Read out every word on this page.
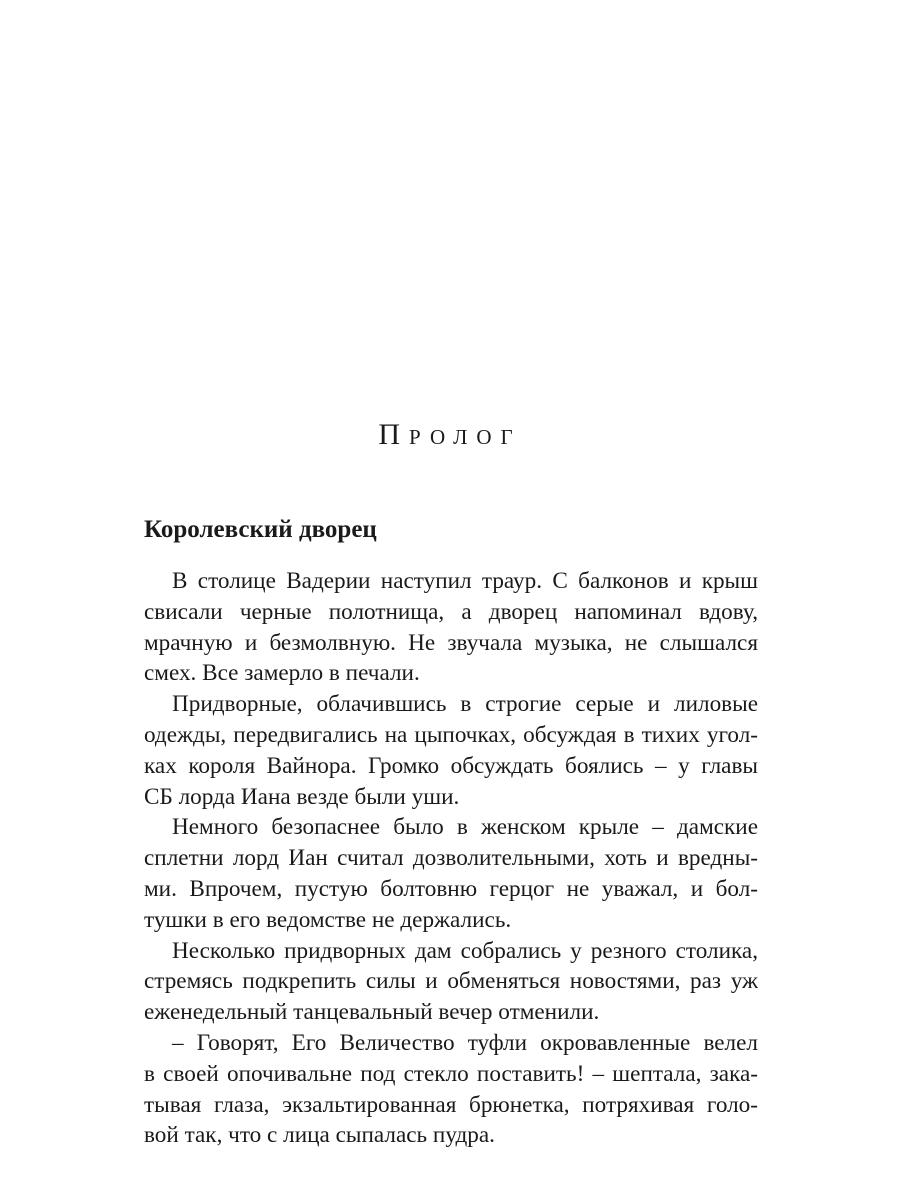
Пролог
Королевский дворец
В столице Вадерии наступил траур. С балконов и крыш
свисали черные полотнища, а дворец напоминал вдову,
мрачную и безмолвную. Не звучала музыка, не слышался
смех. Все замерло в печали.
Придворные, облачившись в строгие серые и лиловые
одежды, передвигались на цыпочках, обсуждая в тихих угол-
ках короля Вайнора. Громко обсуждать боялись – у главы
СБ лорда Иана везде были уши.
Немного безопаснее было в женском крыле – дамские
сплетни лорд Иан считал дозволительными, хоть и вредны-
ми. Впрочем, пустую болтовню герцог не уважал, и бол-
тушки в его ведомстве не держались.
Несколько придворных дам собрались у резного столика,
стремясь подкрепить силы и обменяться новостями, раз уж
еженедельный танцевальный вечер отменили.
– Говорят, Его Величество туфли окровавленные велел
в своей опочивальне под стекло поставить! – шептала, зака-
тывая глаза, экзальтированная брюнетка, потряхивая голо-
вой так, что с лица сыпалась пудра.
